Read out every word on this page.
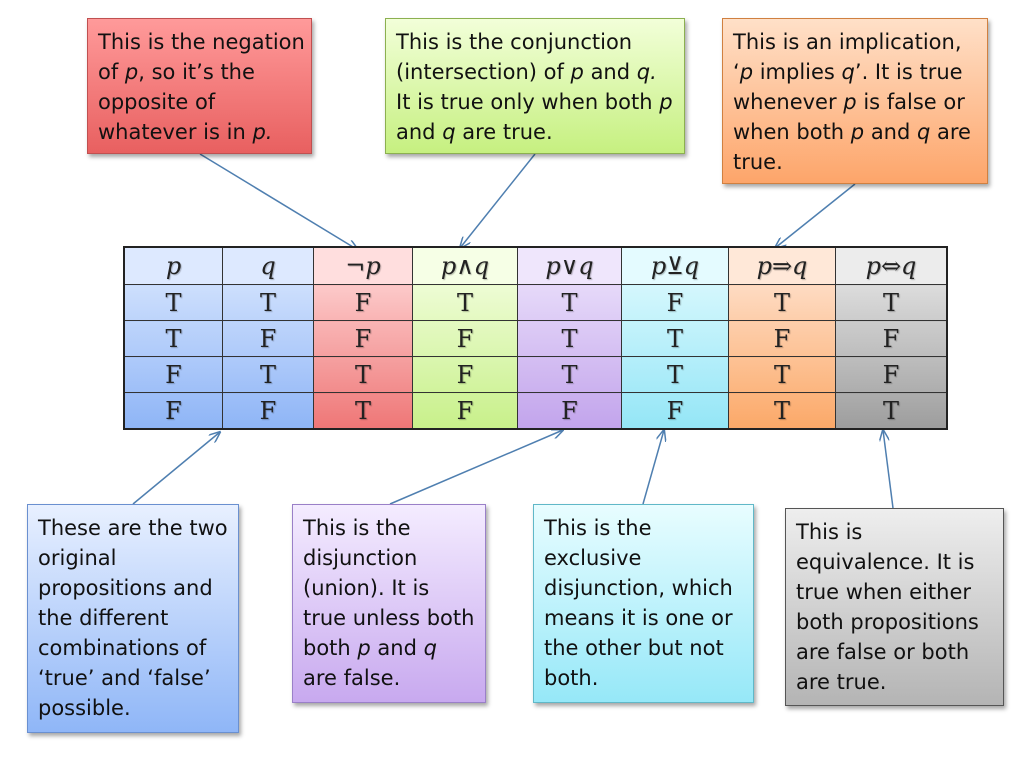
This is the negation
of p, so it’s the
opposite of
whatever is in p.
This is the conjunction
(intersection) of p and q.
It is true only when both p
and q are true.
This is an implication,
‘p implies q’. It is true
whenever p is false or
when both p and q are
true.
These are the two
original
propositions and
the different
combinations of
‘true’ and ‘false’
possible.
This is the
disjunction
(union). It is
true unless both
both p and q
are false.
This is the
exclusive
disjunction, which
means it is one or
the other but not
both.
This is
equivalence. It is
true when either
both propositions
are false or both
are true.
p	q	¬p	p∧q	p∨q	p⊻q	p⇒q	p⇔q
T	T	F	T	T	F	T	T
T	F	F	F	T	T	F	F
F	T	T	F	T	T	T	F
F	F	T	F	F	F	T	T
